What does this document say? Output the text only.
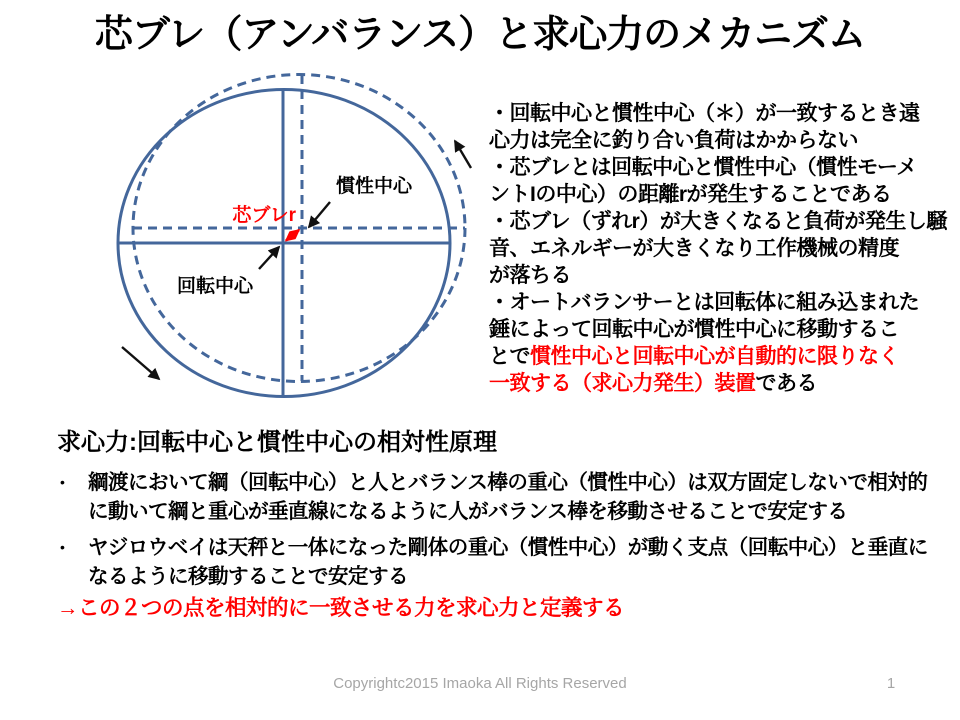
芯ブレ（アンバランス）と求心力のメカニズム
慣性中心
芯ブレr
回転中心
・回転中心と慣性中心（＊）が一致するとき遠
心力は完全に釣り合い負荷はかからない
・芯ブレとは回転中心と慣性中心（慣性モーメ
ントIの中心）の距離rが発生することである
・芯ブレ（ずれr）が大きくなると負荷が発生し騒
音、エネルギーが大きくなり工作機械の精度
が落ちる
・オートバランサーとは回転体に組み込まれた
錘によって回転中心が慣性中心に移動するこ
とで慣性中心と回転中心が自動的に限りなく
一致する（求心力発生）装置である
求心力:回転中心と慣性中心の相対性原理
•	綱渡において綱（回転中心）と人とバランス棒の重心（慣性中心）は双方固定しないで相対的に動いて綱と重心が垂直線になるように人がバランス棒を移動させることで安定する
•	ヤジロウベイは天秤と一体になった剛体の重心（慣性中心）が動く支点（回転中心）と垂直になるように移動することで安定する
→この２つの点を相対的に一致させる力を求心力と定義する
Copyrightc2015 Imaoka All Rights Reserved	1
